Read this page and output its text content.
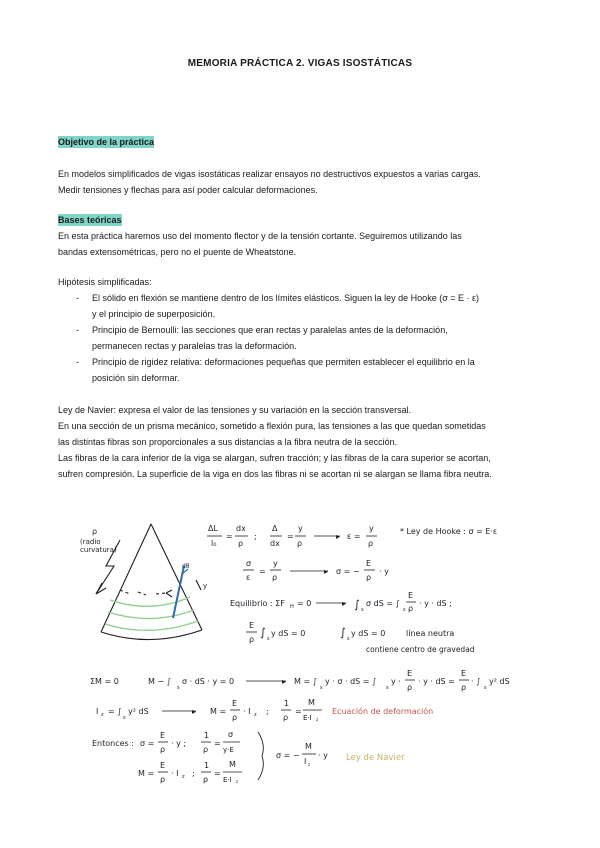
MEMORIA PRÁCTICA 2. VIGAS ISOSTÁTICAS

Objetivo de la práctica

En modelos simplificados de vigas isostáticas realizar ensayos no destructivos expuestos a varias cargas.

Medir tensiones y flechas para así poder calcular deformaciones.

Bases teóricas

En esta práctica haremos uso del momento flector y de la tensión cortante. Seguiremos utilizando las

bandas extensométricas, pero no el puente de Wheatstone.

Hipótesis simplificadas:

- El sólido en flexión se mantiene dentro de los límites elásticos. Siguen la ley de Hooke (σ = E · ε)
y el principio de superposición.
- Principio de Bernoulli: las secciones que eran rectas y paralelas antes de la deformación,
permanecen rectas y paralelas tras la deformación.
- Principio de rigidez relativa: deformaciones pequeñas que permiten establecer el equilibrio en la
posición sin deformar.

Ley de Navier: expresa el valor de las tensiones y su variación en la sección transversal.

En una sección de un prisma mecánico, sometido a flexión pura, las tensiones a las que quedan sometidas

las distintas fibras son proporcionales a sus distancias a la fibra neutra de la sección.

Las fibras de la cara inferior de la viga se alargan, sufren tracción; y las fibras de la cara superior se acortan,

sufren compresión. La superficie de la viga en dos las fibras ni se acortan ni se alargan se llama fibra neutra.

ρ
(radio
curvatura)
dθ
y
ΔL
l₀
=
dx
ρ
;
Δ
dx
=
y
ρ
▸ ε =
y
ρ
* Ley de Hooke : σ = E·ε
σ
ε
=
y
ρ
▸ σ = −
E
ρ
· y
Equilibrio : ΣF H = 0	▸ ∫ s
σ dS = ∫
s
E
ρ
· y · dS ;
E
ρ
∫ s
y dS = 0	∫ s
y dS = 0	línea neutra
contiene centro de gravedad
ΣM = 0	M − ∫
s
σ · dS · y = 0	▸ M = ∫
s
y · σ · dS = ∫
s
y ·
E
ρ
· y · dS =
E
ρ
· ∫
s
y² dS
I z = ∫
s
y² dS	▸ M =
E
ρ
· I z ;
1
ρ
=
M
E·I z
Ecuación de deformación
Entonces : σ =
E
ρ
· y ;
1
ρ
=
σ
y·E
M =
E
ρ
· I z ;
1
ρ
=
M
E·I z
σ = −
M
I z
· y Ley de Navier
